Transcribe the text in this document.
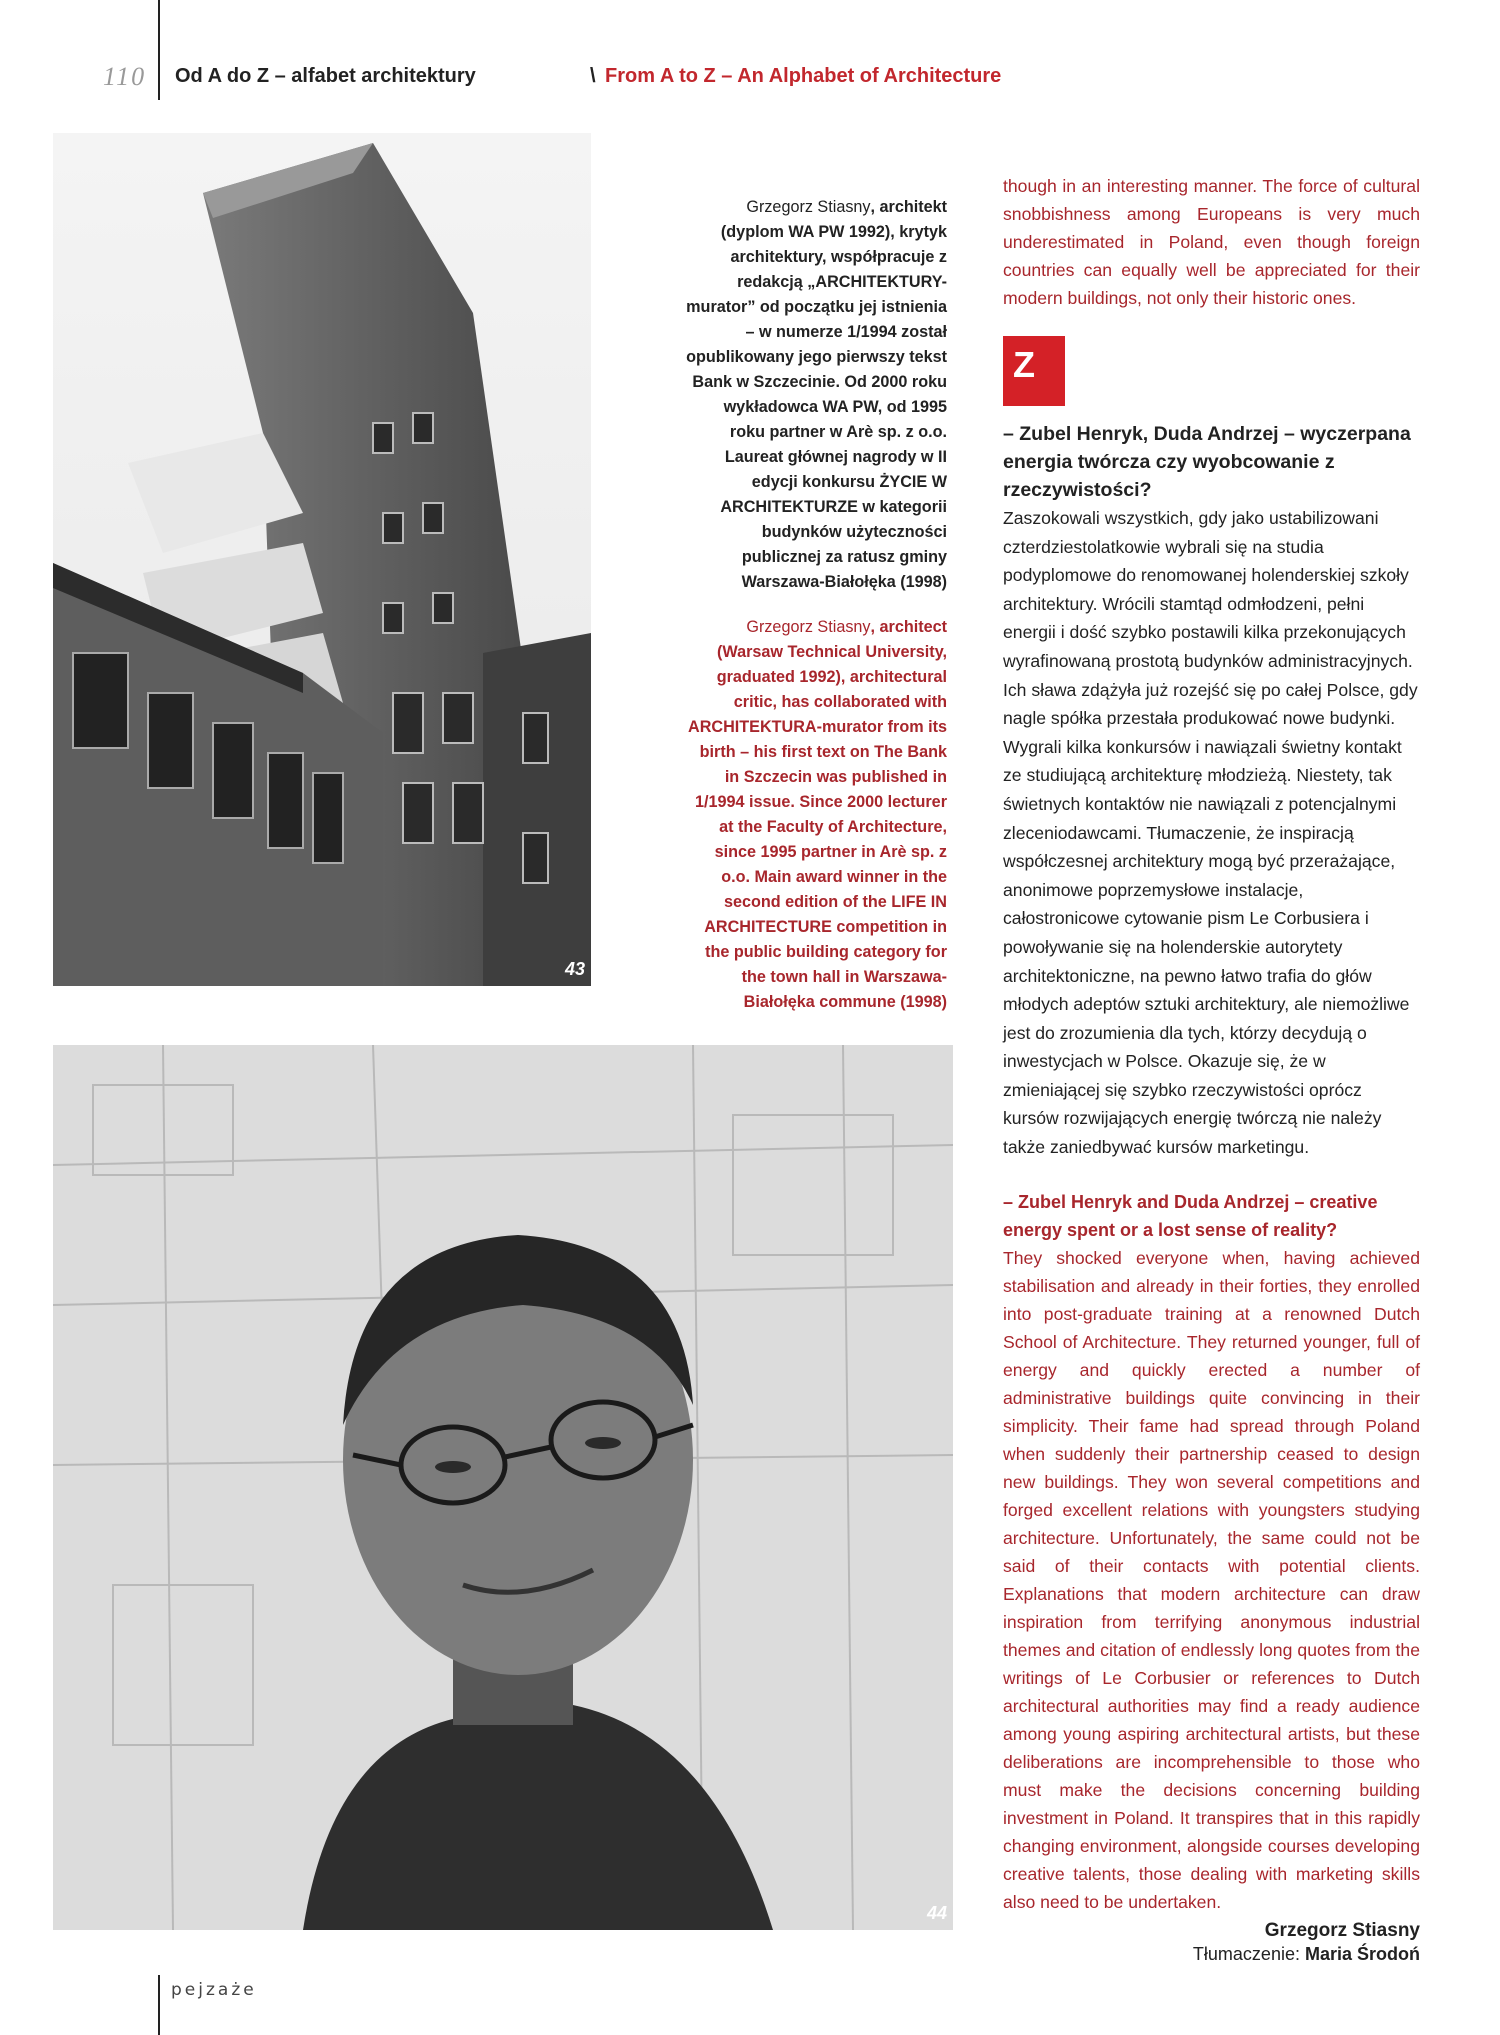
110 Od A do Z – alfabet architektury	\ From A to Z – An Alphabet of Architecture
43
Grzegorz Stiasny, architekt (dyplom WA PW 1992), krytyk architektury, współpracuje z redakcją „ARCHITEKTURY-murator” od początku jej istnienia – w numerze 1/1994 został opublikowany jego pierwszy tekst Bank w Szczecinie. Od 2000 roku wykładowca WA PW, od 1995 roku partner w Arè sp. z o.o. Laureat głównej nagrody w II edycji konkursu ŻYCIE W ARCHITEKTURZE w kategorii budynków użyteczności publicznej za ratusz gminy Warszawa-Białołęka (1998)
Grzegorz Stiasny, architect (Warsaw Technical University, graduated 1992), architectural critic, has collaborated with ARCHITEKTURA-murator from its birth – his first text on The Bank in Szczecin was published in 1/1994 issue. Since 2000 lecturer at the Faculty of Architecture, since 1995 partner in Arè sp. z o.o. Main award winner in the second edition of the LIFE IN ARCHITECTURE competition in the public building category for the town hall in Warszawa-Białołęka commune (1998)
44

though in an interesting manner. The force of cultural snobbishness among Europeans is very much underestimated in Poland, even though foreign countries can equally well be appreciated for their modern buildings, not only their historic ones.

Z
– Zubel Henryk, Duda Andrzej – wyczerpana energia twórcza czy wyobcowanie z rzeczywistości?

Zaszokowali wszystkich, gdy jako ustabilizowani czterdziestolatkowie wybrali się na studia podyplomowe do renomowanej holenderskiej szkoły architektury. Wrócili stamtąd odmłodzeni, pełni energii i dość szybko postawili kilka przekonujących wyrafinowaną prostotą budynków administracyjnych. Ich sława zdążyła już rozejść się po całej Polsce, gdy nagle spółka przestała produkować nowe budynki. Wygrali kilka konkursów i nawiązali świetny kontakt ze studiującą architekturę młodzieżą. Niestety, tak świetnych kontaktów nie nawiązali z potencjalnymi zleceniodawcami. Tłumaczenie, że inspiracją współczesnej architektury mogą być przerażające, anonimowe poprzemysłowe instalacje, całostronicowe cytowanie pism Le Corbusiera i powoływanie się na holenderskie autorytety architektoniczne, na pewno łatwo trafia do głów młodych adeptów sztuki architektury, ale niemożliwe jest do zrozumienia dla tych, którzy decydują o inwestycjach w Polsce. Okazuje się, że w zmieniającej się szybko rzeczywistości oprócz kursów rozwijających energię twórczą nie należy także zaniedbywać kursów marketingu.

– Zubel Henryk and Duda Andrzej – creative energy spent or a lost sense of reality?

They shocked everyone when, having achieved stabilisation and already in their forties, they enrolled into post-graduate training at a renowned Dutch School of Architecture. They returned younger, full of energy and quickly erected a number of administrative buildings quite convincing in their simplicity. Their fame had spread through Poland when suddenly their partnership ceased to design new buildings. They won several competitions and forged excellent relations with youngsters studying architecture. Unfortunately, the same could not be said of their contacts with potential clients. Explanations that modern architecture can draw inspiration from terrifying anonymous industrial themes and citation of endlessly long quotes from the writings of Le Corbusier or references to Dutch architectural authorities may find a ready audience among young aspiring architectural artists, but these deliberations are incomprehensible to those who must make the decisions concerning building investment in Poland. It transpires that in this rapidly changing environment, alongside courses developing creative talents, those dealing with marketing skills also need to be undertaken.

Grzegorz Stiasny
Tłumaczenie: Maria Środoń
pejzaże
